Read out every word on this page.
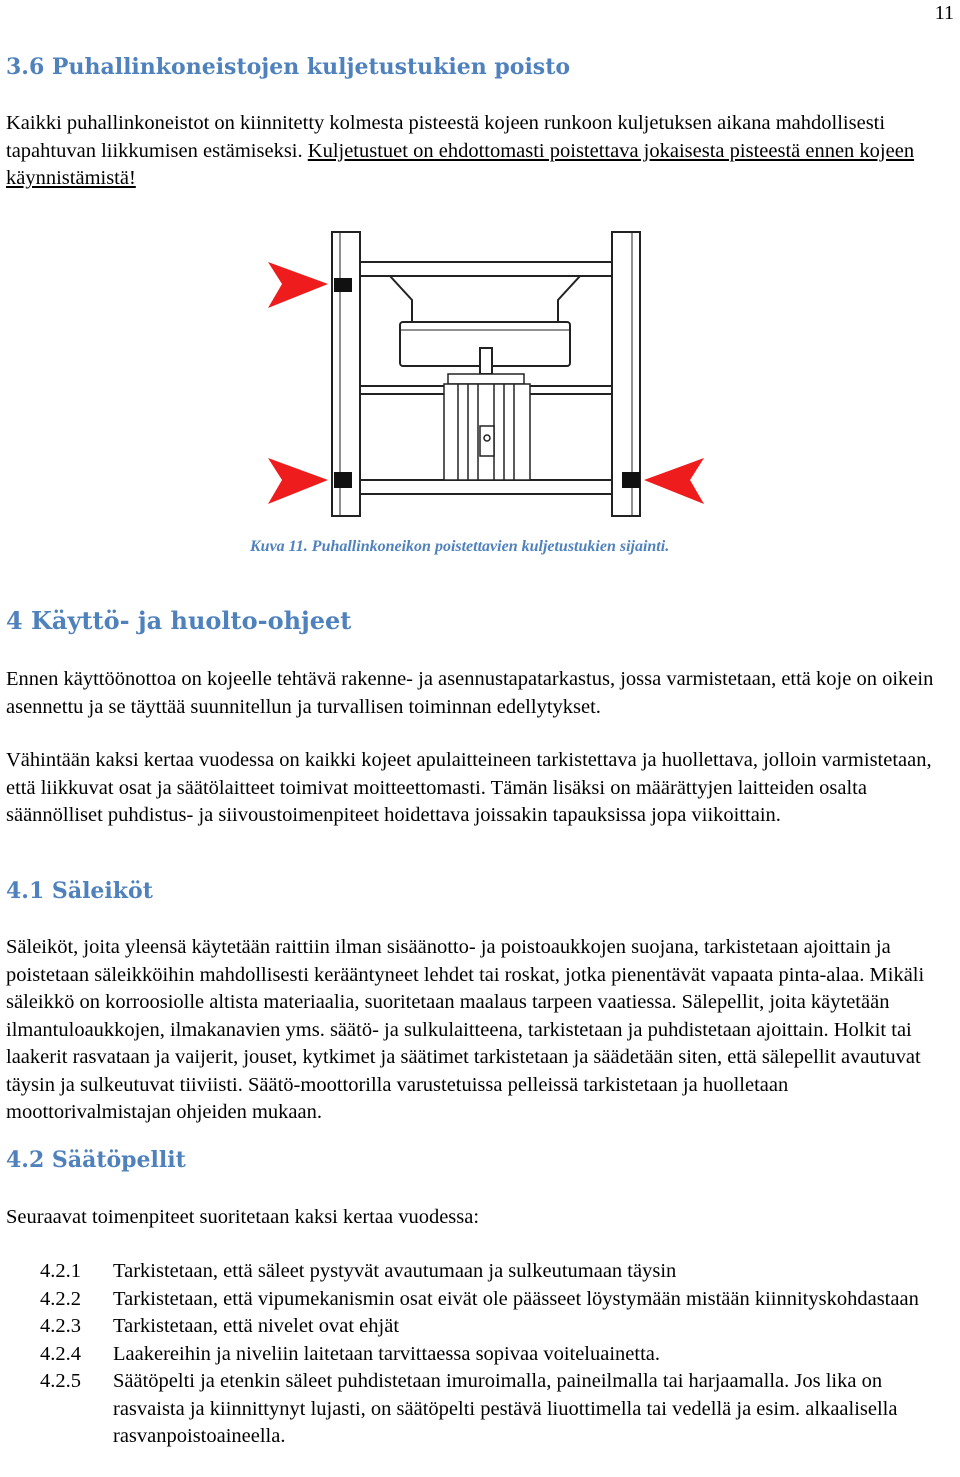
11
3.6 Puhallinkoneistojen kuljetustukien poisto

Kaikki puhallinkoneistot on kiinnitetty kolmesta pisteestä kojeen runkoon kuljetuksen aikana mahdollisesti tapahtuvan liikkumisen estämiseksi. Kuljetustuet on ehdottomasti poistettava jokaisesta pisteestä ennen kojeen käynnistämistä!

Kuva 11. Puhallinkoneikon poistettavien kuljetustukien sijainti.
4 Käyttö- ja huolto-ohjeet

Ennen käyttöönottoa on kojeelle tehtävä rakenne- ja asennustapatarkastus, jossa varmistetaan, että koje on oikein asennettu ja se täyttää suunnitellun ja turvallisen toiminnan edellytykset.

Vähintään kaksi kertaa vuodessa on kaikki kojeet apulaitteineen tarkistettava ja huollettava, jolloin varmistetaan, että liikkuvat osat ja säätölaitteet toimivat moitteettomasti. Tämän lisäksi on määrättyjen laitteiden osalta säännölliset puhdistus- ja siivoustoimenpiteet hoidettava joissakin tapauksissa jopa viikoittain.

4.1 Säleiköt

Säleiköt, joita yleensä käytetään raittiin ilman sisäänotto- ja poistoaukkojen suojana, tarkistetaan ajoittain ja poistetaan säleikköihin mahdollisesti kerääntyneet lehdet tai roskat, jotka pienentävät vapaata pinta-alaa. Mikäli säleikkö on korroosiolle altista materiaalia, suoritetaan maalaus tarpeen vaatiessa. Sälepellit, joita käytetään ilmantuloaukkojen, ilmakanavien yms. säätö- ja sulkulaitteena, tarkistetaan ja puhdistetaan ajoittain. Holkit tai laakerit rasvataan ja vaijerit, jouset, kytkimet ja säätimet tarkistetaan ja säädetään siten, että sälepellit avautuvat täysin ja sulkeutuvat tiiviisti. Säätö-moottorilla varustetuissa pelleissä tarkistetaan ja huolletaan moottorivalmistajan ohjeiden mukaan.

4.2 Säätöpellit

Seuraavat toimenpiteet suoritetaan kaksi kertaa vuodessa:

4.2.1	Tarkistetaan, että säleet pystyvät avautumaan ja sulkeutumaan täysin
4.2.2	Tarkistetaan, että vipumekanismin osat eivät ole päässeet löystymään mistään kiinnityskohdastaan
4.2.3	Tarkistetaan, että nivelet ovat ehjät
4.2.4	Laakereihin ja niveliin laitetaan tarvittaessa sopivaa voiteluainetta.
4.2.5	Säätöpelti ja etenkin säleet puhdistetaan imuroimalla, paineilmalla tai harjaamalla. Jos lika on rasvaista ja kiinnittynyt lujasti, on säätöpelti pestävä liuottimella tai vedellä ja esim. alkaalisella rasvanpoistoaineella.
